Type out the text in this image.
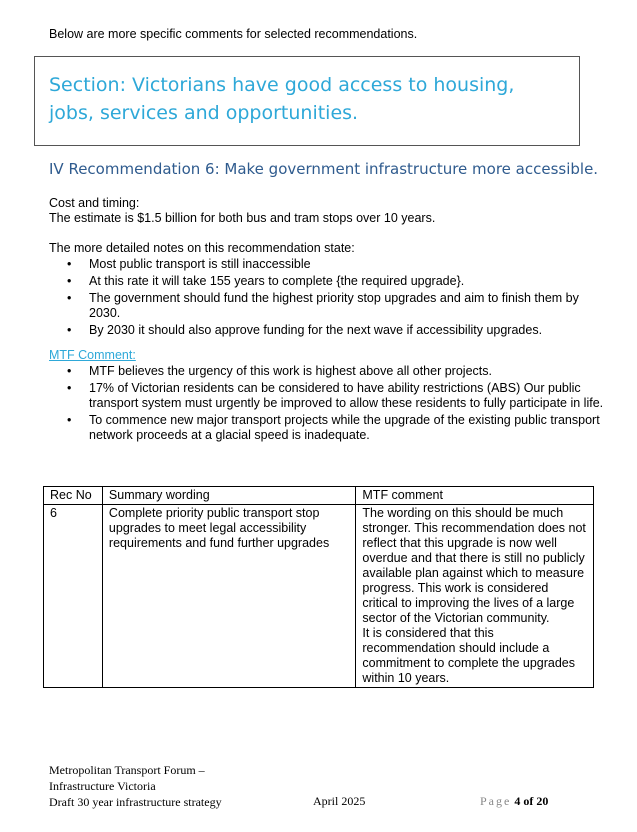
Below are more specific comments for selected recommendations.
Section: Victorians have good access to housing, jobs, services and opportunities.
IV Recommendation 6: Make government infrastructure more accessible.
Cost and timing:
The estimate is $1.5 billion for both bus and tram stops over 10 years.
The more detailed notes on this recommendation state:
• Most public transport is still inaccessible
• At this rate it will take 155 years to complete {the required upgrade}.
• The government should fund the highest priority stop upgrades and aim to finish them by 2030.
• By 2030 it should also approve funding for the next wave if accessibility upgrades.
MTF Comment:
• MTF believes the urgency of this work is highest above all other projects.
• 17% of Victorian residents can be considered to have ability restrictions (ABS) Our public transport system must urgently be improved to allow these residents to fully participate in life.
• To commence new major transport projects while the upgrade of the existing public transport network proceeds at a glacial speed is inadequate.
Rec No	Summary wording	MTF comment
6	Complete priority public transport stop upgrades to meet legal accessibility requirements and fund further upgrades	The wording on this should be much stronger. This recommendation does not reflect that this upgrade is now well overdue and that there is still no publicly available plan against which to measure progress. This work is considered critical to improving the lives of a large sector of the Victorian community.
It is considered that this recommendation should include a commitment to complete the upgrades within 10 years.
Metropolitan Transport Forum –
Infrastructure Victoria
Draft 30 year infrastructure strategy	April 2025	Page 4 of 20
